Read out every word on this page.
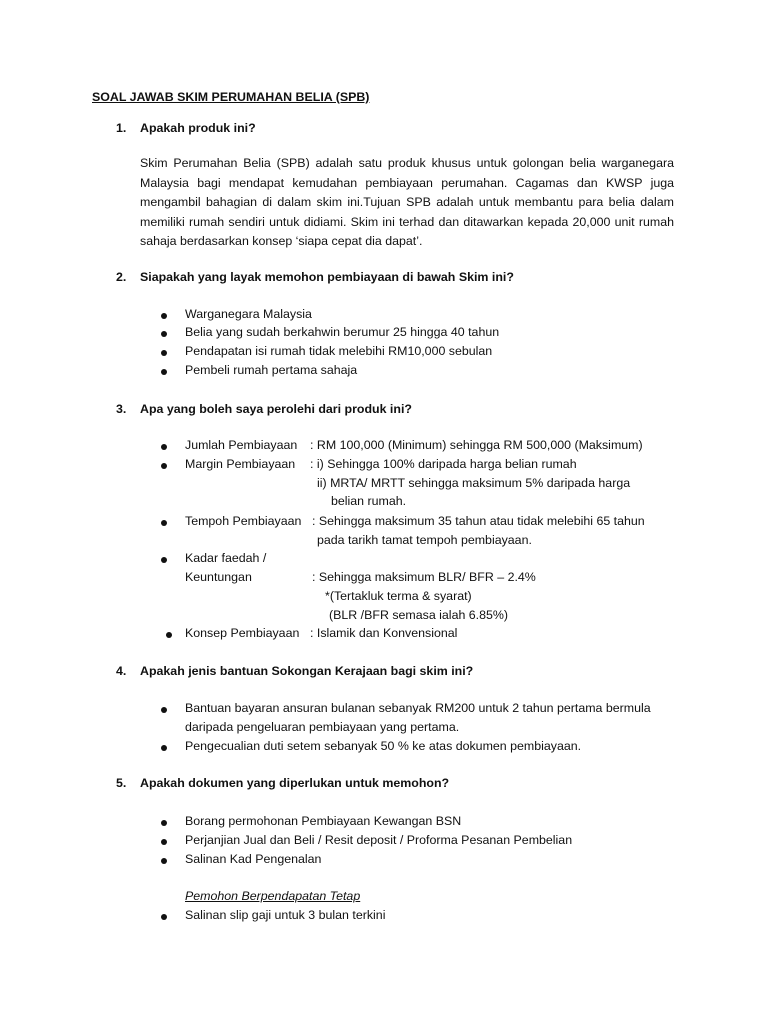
SOAL JAWAB SKIM PERUMAHAN BELIA (SPB)
1. Apakah produk ini?
Skim Perumahan Belia (SPB) adalah satu produk khusus untuk golongan belia warganegara Malaysia bagi mendapat kemudahan pembiayaan perumahan. Cagamas dan KWSP juga mengambil bahagian di dalam skim ini.Tujuan SPB adalah untuk membantu para belia dalam memiliki rumah sendiri untuk didiami. Skim ini terhad dan ditawarkan kepada 20,000 unit rumah sahaja berdasarkan konsep ‘siapa cepat dia dapat’.
2. Siapakah yang layak memohon pembiayaan di bawah Skim ini?
Warganegara Malaysia
Belia yang sudah berkahwin berumur 25 hingga 40 tahun
Pendapatan isi rumah tidak melebihi RM10,000 sebulan
Pembeli rumah pertama sahaja
3. Apa yang boleh saya perolehi dari produk ini?
Jumlah Pembiayaan : RM 100,000 (Minimum) sehingga RM 500,000 (Maksimum)
Margin Pembiayaan : i) Sehingga 100% daripada harga belian rumah
ii) MRTA/ MRTT sehingga maksimum 5% daripada harga
belian rumah.
Tempoh Pembiayaan : Sehingga maksimum 35 tahun atau tidak melebihi 65 tahun
pada tarikh tamat tempoh pembiayaan.
Kadar faedah /
Keuntungan	: Sehingga maksimum BLR/ BFR – 2.4%
*(Tertakluk terma & syarat)
(BLR /BFR semasa ialah 6.85%)
Konsep Pembiayaan : Islamik dan Konvensional
4. Apakah jenis bantuan Sokongan Kerajaan bagi skim ini?
Bantuan bayaran ansuran bulanan sebanyak RM200 untuk 2 tahun pertama bermula
daripada pengeluaran pembiayaan yang pertama.
Pengecualian duti setem sebanyak 50 % ke atas dokumen pembiayaan.
5. Apakah dokumen yang diperlukan untuk memohon?
Borang permohonan Pembiayaan Kewangan BSN
Perjanjian Jual dan Beli / Resit deposit / Proforma Pesanan Pembelian
Salinan Kad Pengenalan
Pemohon Berpendapatan Tetap
Salinan slip gaji untuk 3 bulan terkini
